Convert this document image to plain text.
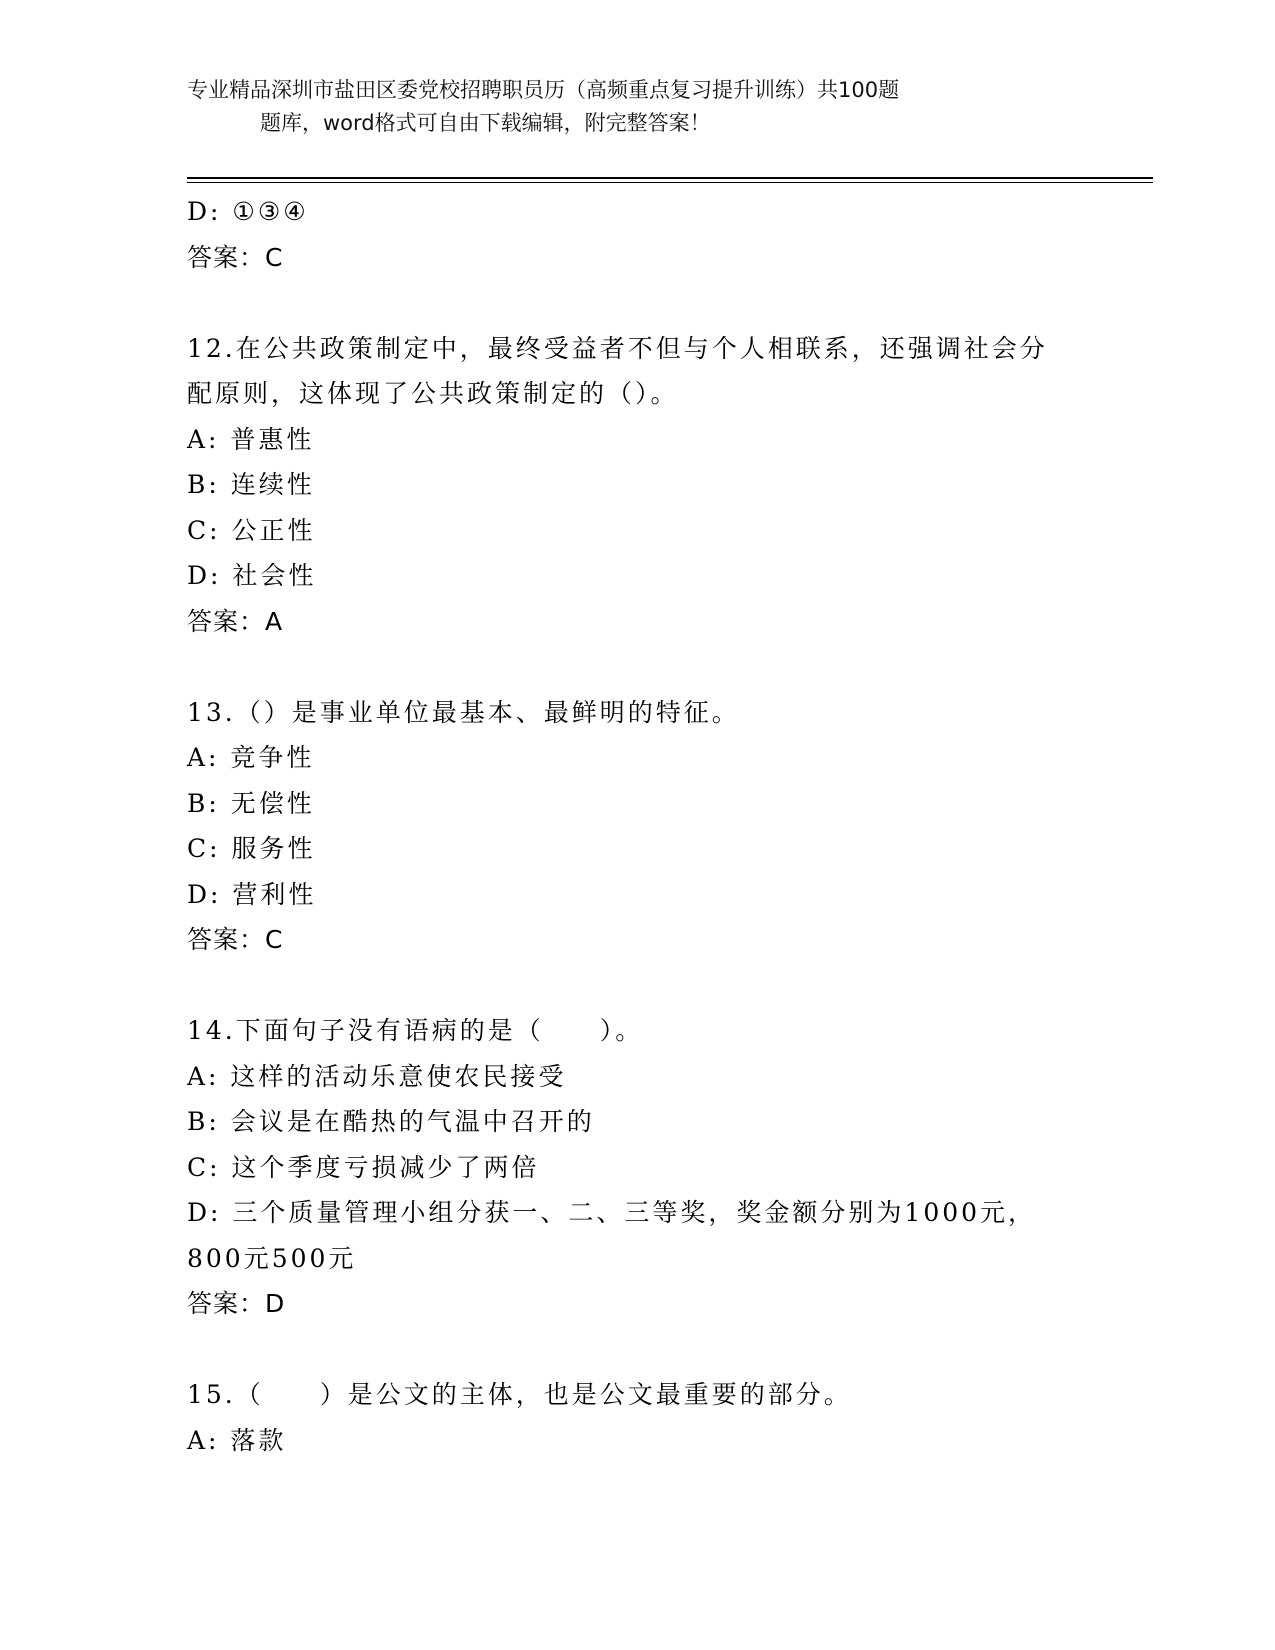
专业精品深圳市盐田区委党校招聘职员历（高频重点复习提升训练）共100题
题库，word格式可自由下载编辑，附完整答案！
D: ①③④
答案：C
12.在公共政策制定中，最终受益者不但与个人相联系，还强调社会分
配原则，这体现了公共政策制定的（）。
A: 普惠性
B: 连续性
C: 公正性
D: 社会性
答案：A
13.（）是事业单位最基本、最鲜明的特征。
A: 竞争性
B: 无偿性
C: 服务性
D: 营利性
答案：C
14.下面句子没有语病的是（　　）。
A: 这样的活动乐意使农民接受
B: 会议是在酷热的气温中召开的
C: 这个季度亏损减少了两倍
D: 三个质量管理小组分获一、二、三等奖，奖金额分别为1000元，
800元500元
答案：D
15.（　　）是公文的主体，也是公文最重要的部分。
A: 落款
